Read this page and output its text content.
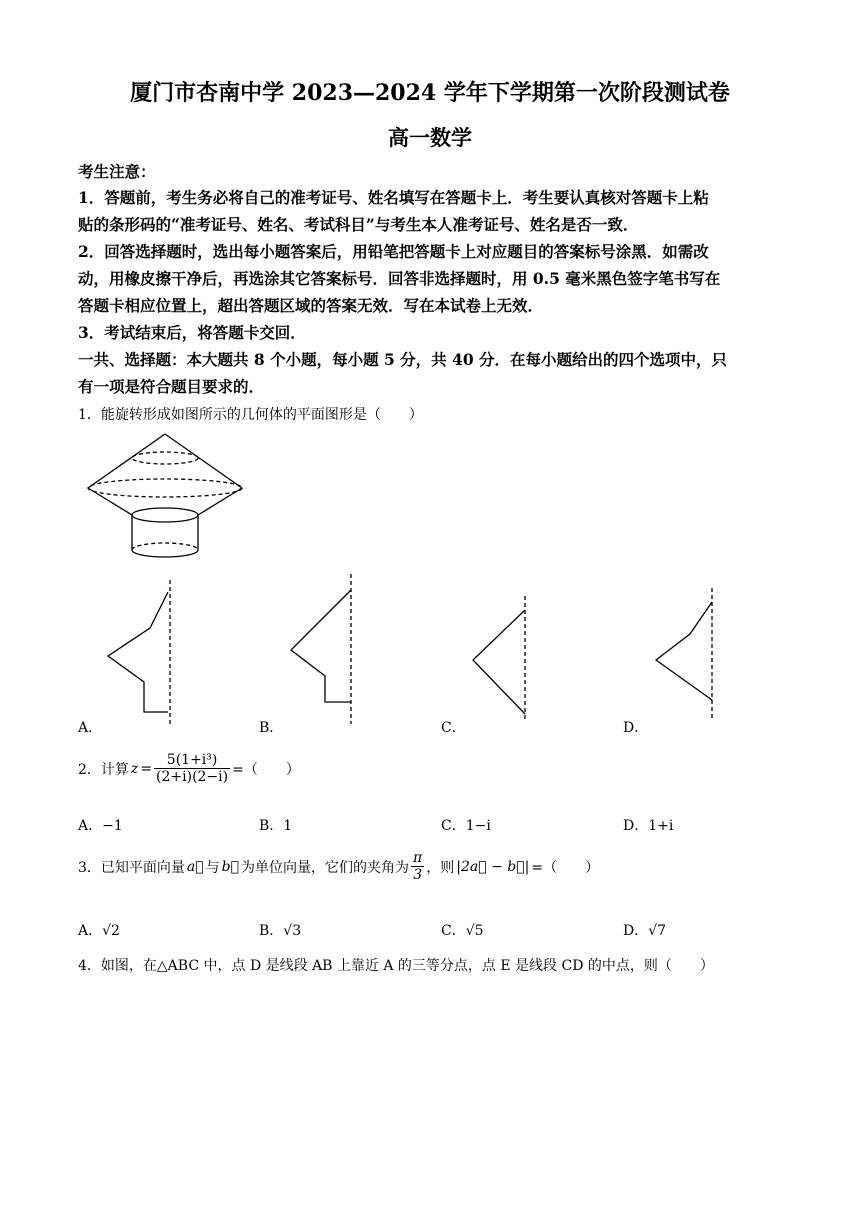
厦门市杏南中学 2023—2024 学年下学期第一次阶段测试卷
高一数学
考生注意：
1．答题前，考生务必将自己的准考证号、姓名填写在答题卡上．考生要认真核对答题卡上粘
贴的条形码的“准考证号、姓名、考试科目”与考生本人准考证号、姓名是否一致．
2．回答选择题时，选出每小题答案后，用铅笔把答题卡上对应题目的答案标号涂黑．如需改
动，用橡皮擦干净后，再选涂其它答案标号．回答非选择题时，用 0.5 毫米黑色签字笔书写在
答题卡相应位置上，超出答题区域的答案无效．写在本试卷上无效．
3．考试结束后，将答题卡交回．
一共、选择题：本大题共 8 个小题，每小题 5 分，共 40 分．在每小题给出的四个选项中，只
有一项是符合题目要求的．
1．能旋转形成如图所示的几何体的平面图形是（　　）
A．	B．	C．	D．
2．计算 $z = \frac{\text{5(1+i³)}}{(2+i)(2-i)}$ =（　　）
A．−1	B．1	C．1−i	D．1+i
3．已知平面向量 a⃗ 与 b⃗ 为单位向量，它们的夹角为 $\frac{\pi}{3}$ ，则 |2a⃗ − b⃗| =（　　）
A．√2	B．√3	C．√5	D．√7
4．如图，在△ABC 中，点 D 是线段 AB 上靠近 A 的三等分点，点 E 是线段 CD 的中点，则（　　）
